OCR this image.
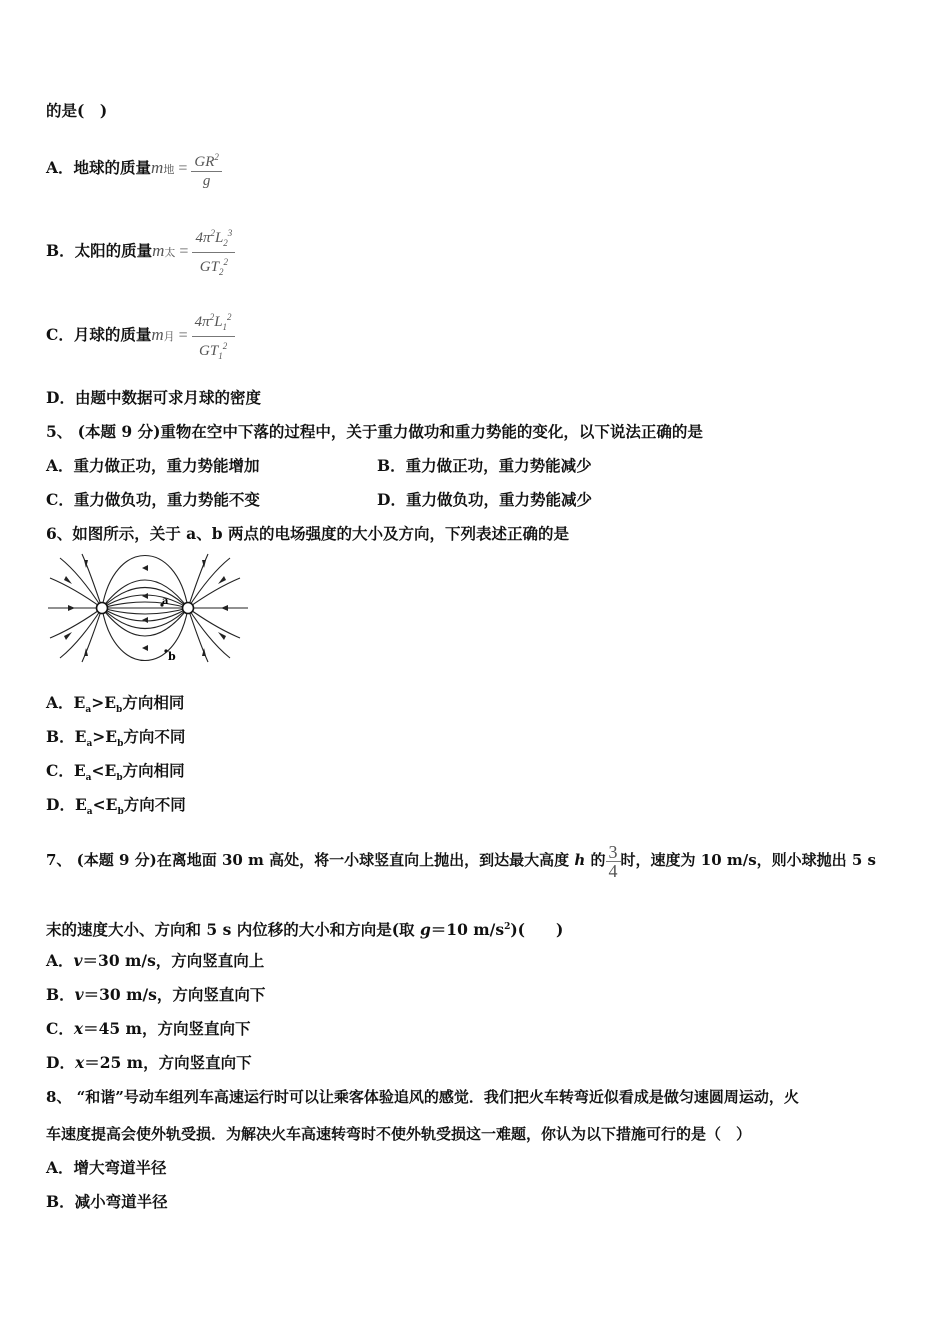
的是(　)
A．地球的质量m地 = $\frac{GR^2}{g}$
B．太阳的质量m太 = $\frac{4\pi^2L_2^3}{GT_2^2}$
C．月球的质量m月 = $\frac{4\pi^2L_1^2}{GT_1^2}$
D．由题中数据可求月球的密度
5、 (本题 9 分)重物在空中下落的过程中，关于重力做功和重力势能的变化，以下说法正确的是
A．重力做正功，重力势能增加	B．重力做正功，重力势能减少
C．重力做负功，重力势能不变	D．重力做负功，重力势能减少
6、如图所示，关于 a、b 两点的电场强度的大小及方向，下列表述正确的是
a
b
A．$E_a>E_b$方向相同
B．$E_a>E_b$方向不同
C．$E_a<E_b$方向相同
D．$E_a<E_b$方向不同
7、 (本题 9 分)在离地面 30 m 高处，将一小球竖直向上抛出，到达最大高度 h 的 $\frac{3}{4}$ 时，速度为 10 m/s，则小球抛出 5 s
末的速度大小、方向和 5 s 内位移的大小和方向是(取 g＝10 $m/s^2$)(　　)
A．v＝30 m/s，方向竖直向上
B．v＝30 m/s，方向竖直向下
C．x＝45 m，方向竖直向下
D．x＝25 m，方向竖直向下
8、 “和谐”号动车组列车高速运行时可以让乘客体验追风的感觉．我们把火车转弯近似看成是做匀速圆周运动，火
车速度提高会使外轨受损．为解决火车高速转弯时不使外轨受损这一难题，你认为以下措施可行的是（　）
A．增大弯道半径
B．减小弯道半径
